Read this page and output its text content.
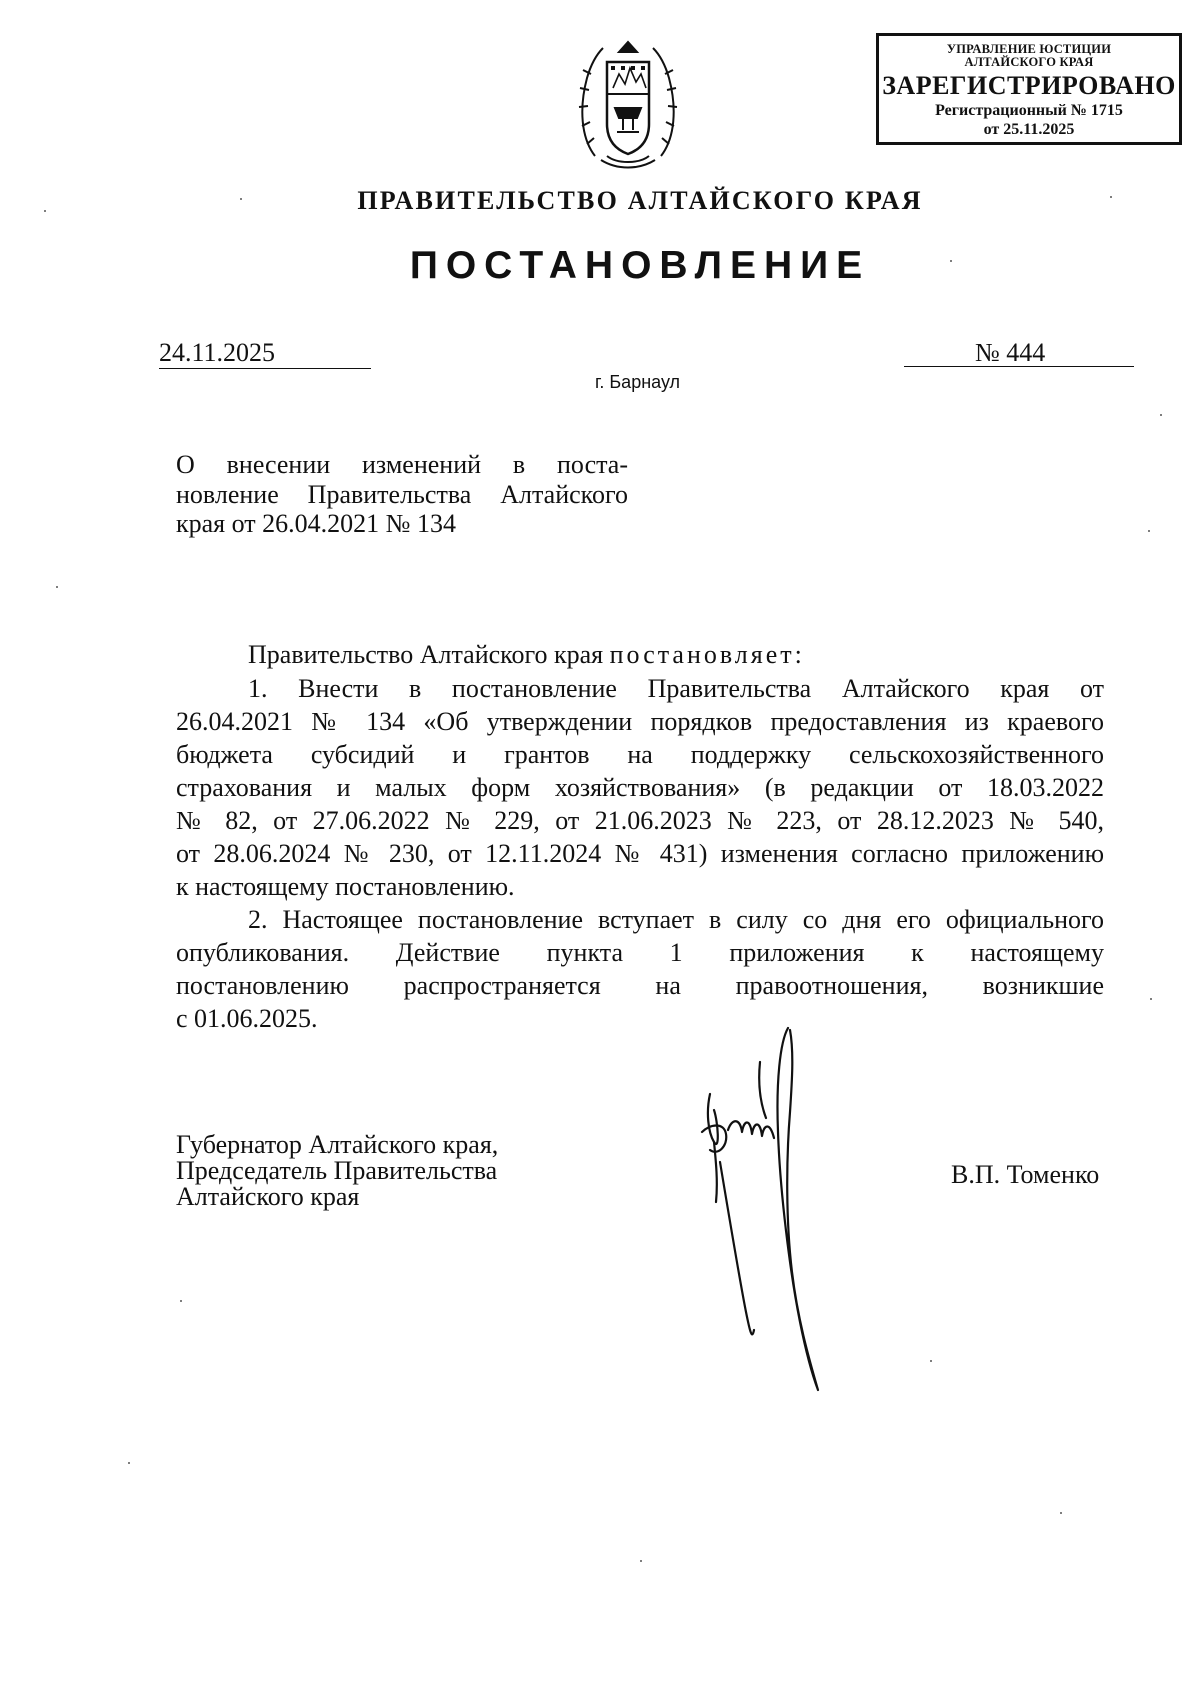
УПРАВЛЕНИЕ ЮСТИЦИИ
АЛТАЙСКОГО КРАЯ
ЗАРЕГИСТРИРОВАНО
Регистрационный № 1715
от 25.11.2025
ПРАВИТЕЛЬСТВО АЛТАЙСКОГО КРАЯ
ПОСТАНОВЛЕНИЕ
24.11.2025	№ 444
г. Барнаул
О внесении изменений в поста-
новление Правительства Алтайского
края от 26.04.2021 № 134
Правительство Алтайского края постановляет:
1. Внести в постановление Правительства Алтайского края от
26.04.2021 № 134 «Об утверждении порядков предоставления из краевого
бюджета субсидий и грантов на поддержку сельскохозяйственного
страхования и малых форм хозяйствования» (в редакции от 18.03.2022
№ 82, от 27.06.2022 № 229, от 21.06.2023 № 223, от 28.12.2023 № 540,
от 28.06.2024 № 230, от 12.11.2024 № 431) изменения согласно приложению
к настоящему постановлению.
2. Настоящее постановление вступает в силу со дня его официального
опубликования. Действие пункта 1 приложения к настоящему
постановлению распространяется на правоотношения, возникшие
с 01.06.2025.
Губернатор Алтайского края,
Председатель Правительства
Алтайского края
В.П. Томенко
